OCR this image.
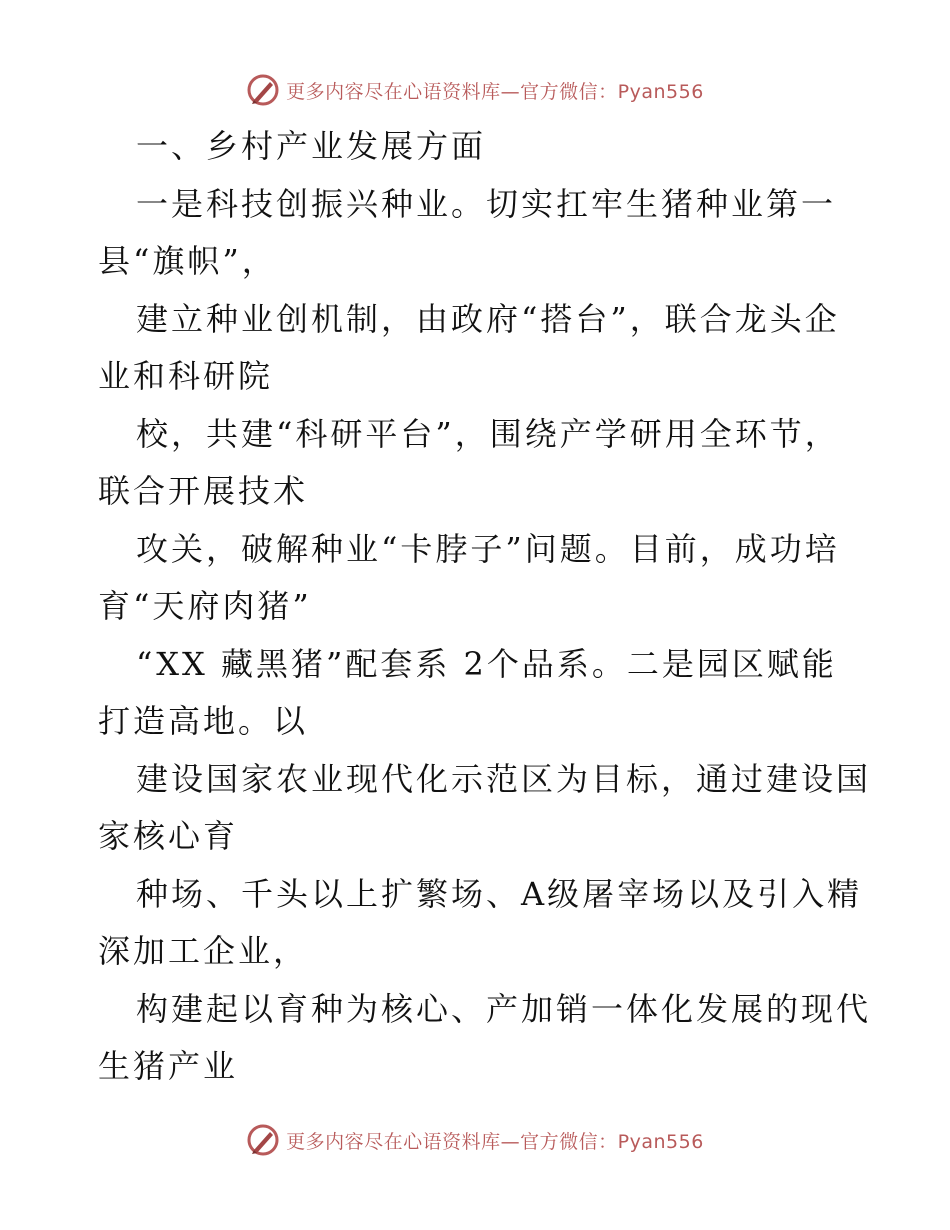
更多内容尽在心语资料库—官方微信：Pyan556
一、乡村产业发展方面
一是科技创振兴种业。切实扛牢生猪种业第一
县“旗帜”，
建立种业创机制，由政府“搭台”，联合龙头企
业和科研院
校，共建“科研平台”，围绕产学研用全环节，
联合开展技术
攻关，破解种业“卡脖子”问题。目前，成功培
育“天府肉猪”
“XX 藏黑猪”配套系 2个品系。二是园区赋能
打造高地。以
建设国家农业现代化示范区为目标，通过建设国
家核心育
种场、千头以上扩繁场、A级屠宰场以及引入精
深加工企业，
构建起以育种为核心、产加销一体化发展的现代
生猪产业
更多内容尽在心语资料库—官方微信：Pyan556
